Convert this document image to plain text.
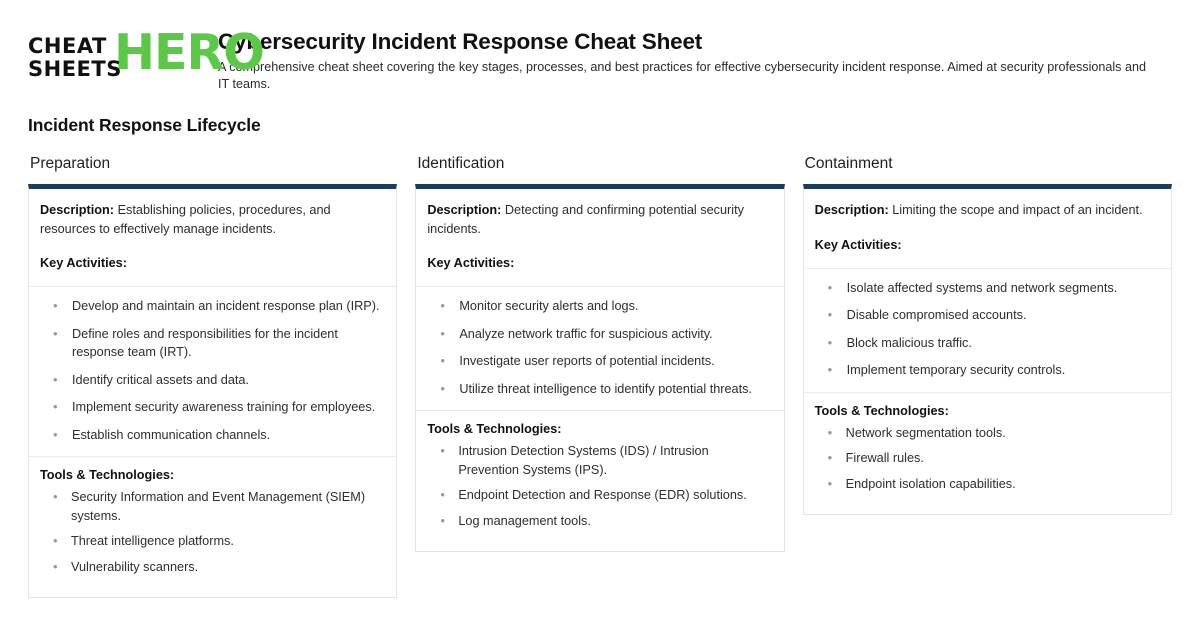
CHEAT
SHEETS
HERO
Cybersecurity Incident Response Cheat Sheet

A comprehensive cheat sheet covering the key stages, processes, and best practices for effective cybersecurity incident response. Aimed at security professionals and IT teams.

Incident Response Lifecycle
Preparation

Description: Establishing policies, procedures, and resources to effectively manage incidents.

Key Activities:
• Develop and maintain an incident response plan (IRP).
• Define roles and responsibilities for the incident response team (IRT).
• Identify critical assets and data.
• Implement security awareness training for employees.
• Establish communication channels.
Tools & Technologies:
• Security Information and Event Management (SIEM) systems.
• Threat intelligence platforms.
• Vulnerability scanners.
Identification

Description: Detecting and confirming potential security incidents.

Key Activities:
• Monitor security alerts and logs.
• Analyze network traffic for suspicious activity.
• Investigate user reports of potential incidents.
• Utilize threat intelligence to identify potential threats.
Tools & Technologies:
• Intrusion Detection Systems (IDS) / Intrusion Prevention Systems (IPS).
• Endpoint Detection and Response (EDR) solutions.
• Log management tools.
Containment

Description: Limiting the scope and impact of an incident.

Key Activities:
• Isolate affected systems and network segments.
• Disable compromised accounts.
• Block malicious traffic.
• Implement temporary security controls.
Tools & Technologies:
• Network segmentation tools.
• Firewall rules.
• Endpoint isolation capabilities.
